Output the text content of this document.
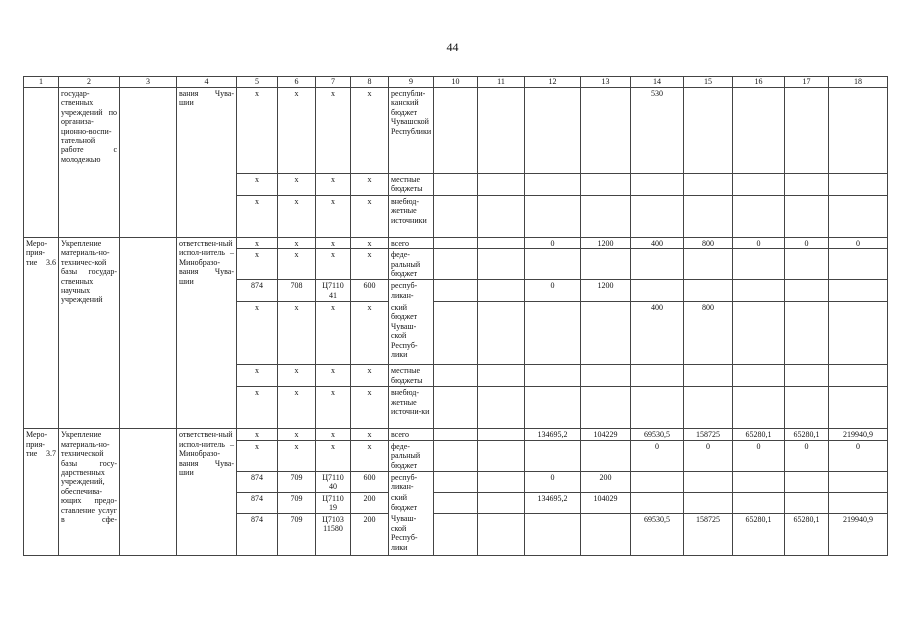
44
1	2	3	4	5	6	7	8	9	10	11	12	13	14	15	16	17	18
	государ-ственных учреждений по организа-ционно-воспи-тательной работе с молодежью		вания Чува-шии	х	х	х	х	республи-канский бюджет Чувашской Республики					530				
				х	х	х	х	местные бюджеты									
				х	х	х	х	внебюд-жетные источники									
Меро-прия-тие 3.6	Укрепление материаль-но-техничес-кой базы государ-ственных научных учреждений		ответствен-ный испол-нитель – Минобразо-вания Чува-шии	х	х	х	х	всего			0	1200	400	800	0	0	0
				х	х	х	х	феде-ральный бюджет									
				874	708	Ц7110 41	600	респуб-ликан-			0	1200					
				х	х	х	х	ский бюджет Чуваш-ской Респуб-лики					400	800			
				х	х	х	х	местные бюджеты									
				х	х	х	х	внебюд-жетные источни-ки									
Меро-прия-тие 3.7	Укрепление материаль-но-технической базы госу-дарственных учреждений, обеспечива-ющих предо-ставление услуг в сфе-		ответствен-ный испол-нитель – Минобразо-вания Чува-шии	х	х	х	х	всего			134695,2	104229	69530,5	158725	65280,1	65280,1	219940,9
				х	х	х	х	феде-ральный бюджет					0	0	0	0	0
				874	709	Ц7110 40	600	респуб-ликан-			0	200					
				874	709	Ц7110 19	200	ский бюджет			134695,2	104029					
				874	709	Ц7103 11580	200	Чуваш-ской Респуб-лики					69530,5	158725	65280,1	65280,1	219940,9
